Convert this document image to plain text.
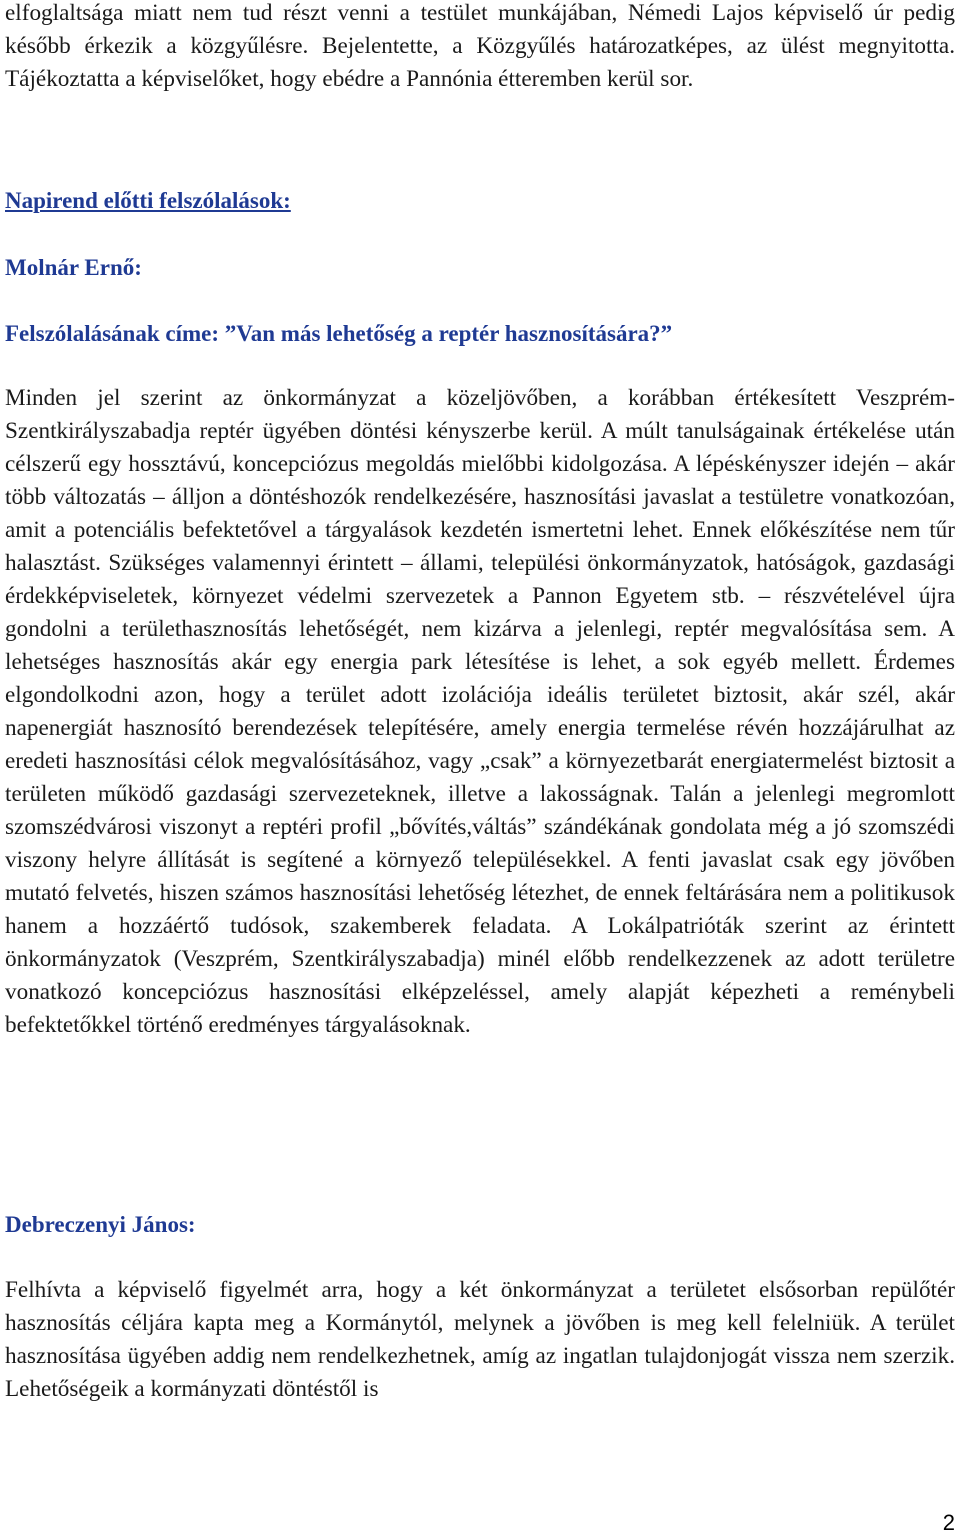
elfoglaltsága miatt nem tud részt venni a testület munkájában, Némedi Lajos képviselő úr pedig később érkezik a közgyűlésre. Bejelentette, a Közgyűlés határozatképes, az ülést megnyitotta. Tájékoztatta a képviselőket, hogy ebédre a Pannónia étteremben kerül sor.

Napirend előtti felszólalások:
Molnár Ernő:
Felszólalásának címe: ”Van más lehetőség a reptér hasznosítására?”

Minden jel szerint az önkormányzat a közeljövőben, a korábban értékesített Veszprém-Szentkirályszabadja reptér ügyében döntési kényszerbe kerül. A múlt tanulságainak értékelése után célszerű egy hossztávú, koncepciózus megoldás mielőbbi kidolgozása. A lépéskényszer idején – akár több változatás – álljon a döntéshozók rendelkezésére, hasznosítási javaslat a testületre vonatkozóan, amit a potenciális befektetővel a tárgyalások kezdetén ismertetni lehet. Ennek előkészítése nem tűr halasztást. Szükséges valamennyi érintett – állami, települési önkormányzatok, hatóságok, gazdasági érdekképviseletek, környezet védelmi szervezetek a Pannon Egyetem stb. – részvételével újra gondolni a területhasznosítás lehetőségét, nem kizárva a jelenlegi, reptér megvalósítása sem. A lehetséges hasznosítás akár egy energia park létesítése is lehet, a sok egyéb mellett. Érdemes elgondolkodni azon, hogy a terület adott izolációja ideális területet biztosit, akár szél, akár napenergiát hasznosító berendezések telepítésére, amely energia termelése révén hozzájárulhat az eredeti hasznosítási célok megvalósításához, vagy „csak” a környezetbarát energiatermelést biztosit a területen működő gazdasági szervezeteknek, illetve a lakosságnak. Talán a jelenlegi megromlott szomszédvárosi viszonyt a reptéri profil „bővítés,váltás” szándékának gondolata még a jó szomszédi viszony helyre állítását is segítené a környező településekkel. A fenti javaslat csak egy jövőben mutató felvetés, hiszen számos hasznosítási lehetőség létezhet, de ennek feltárására nem a politikusok hanem a hozzáértő tudósok, szakemberek feladata. A Lokálpatrióták szerint az érintett önkormányzatok (Veszprém, Szentkirályszabadja) minél előbb rendelkezzenek az adott területre vonatkozó koncepciózus hasznosítási elképzeléssel, amely alapját képezheti a reménybeli befektetőkkel történő eredményes tárgyalásoknak.

Debreczenyi János:

Felhívta a képviselő figyelmét arra, hogy a két önkormányzat a területet elsősorban repülőtér hasznosítás céljára kapta meg a Kormánytól, melynek a jövőben is meg kell felelniük. A terület hasznosítása ügyében addig nem rendelkezhetnek, amíg az ingatlan tulajdonjogát vissza nem szerzik. Lehetőségeik a kormányzati döntéstől is

2
